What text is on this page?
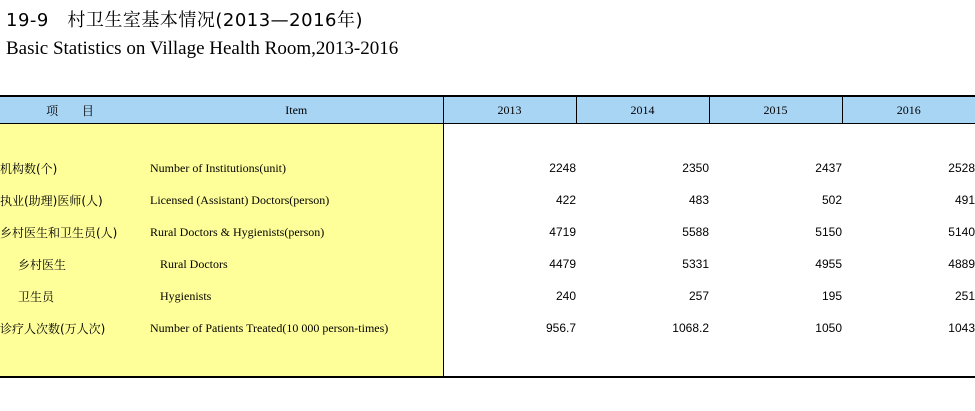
19-9　村卫生室基本情况(2013—2016年)
Basic Statistics on Village Health Room,2013-2016
项 目	Item	2013	2014	2015	2016

机构数(个)	Number of Institutions(unit)	2248	2350	2437	2528
执业(助理)医师(人)	Licensed (Assistant) Doctors(person)	422	483	502	491
乡村医生和卫生员(人)	Rural Doctors & Hygienists(person)	4719	5588	5150	5140
乡村医生	Rural Doctors	4479	5331	4955	4889
卫生员	Hygienists	240	257	195	251
诊疗人次数(万人次)	Number of Patients Treated(10 000 person-times)	956.7	1068.2	1050	1043
